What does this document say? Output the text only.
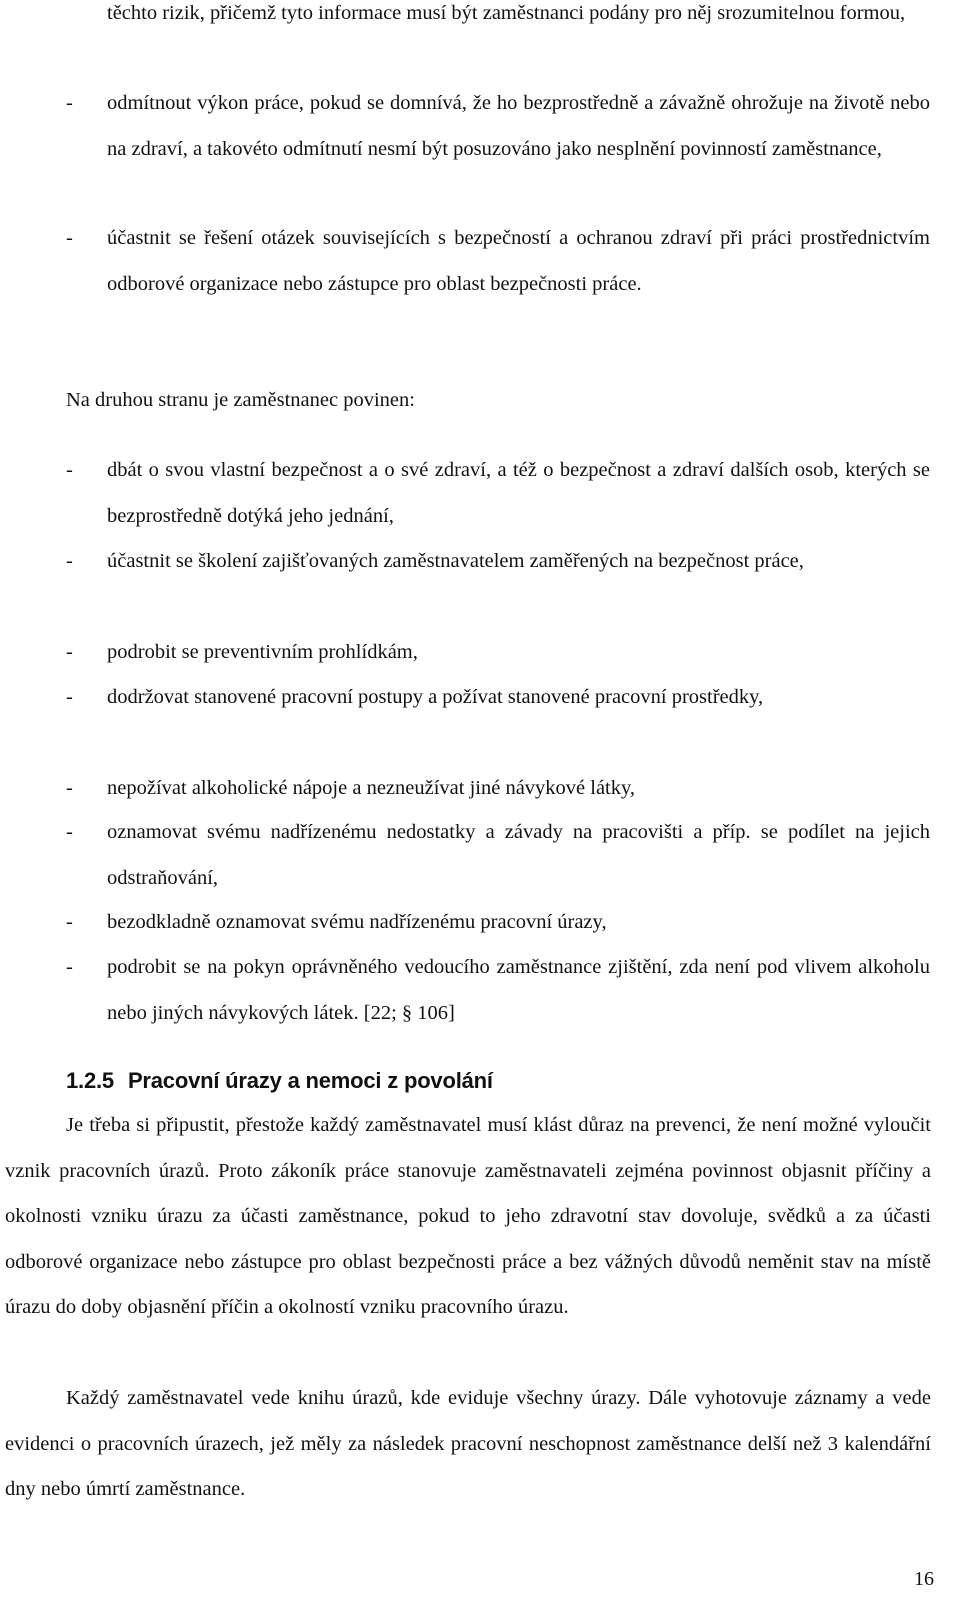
těchto rizik, přičemž tyto informace musí být zaměstnanci podány pro něj srozumitelnou formou,
- odmítnout výkon práce, pokud se domnívá, že ho bezprostředně a závažně ohrožuje na životě nebo na zdraví, a takovéto odmítnutí nesmí být posuzováno jako nesplnění povinností zaměstnance,
- účastnit se řešení otázek souvisejících s bezpečností a ochranou zdraví při práci prostřednictvím odborové organizace nebo zástupce pro oblast bezpečnosti práce.
Na druhou stranu je zaměstnanec povinen:
- dbát o svou vlastní bezpečnost a o své zdraví, a též o bezpečnost a zdraví dalších osob, kterých se bezprostředně dotýká jeho jednání,
- účastnit se školení zajišťovaných zaměstnavatelem zaměřených na bezpečnost práce,
- podrobit se preventivním prohlídkám,
- dodržovat stanovené pracovní postupy a požívat stanovené pracovní prostředky,
- nepožívat alkoholické nápoje a nezneužívat jiné návykové látky,
- oznamovat svému nadřízenému nedostatky a závady na pracovišti a příp. se podílet na jejich odstraňování,
- bezodkladně oznamovat svému nadřízenému pracovní úrazy,
- podrobit se na pokyn oprávněného vedoucího zaměstnance zjištění, zda není pod vlivem alkoholu nebo jiných návykových látek. [22; § 106]
1.2.5 Pracovní úrazy a nemoci z povolání
Je třeba si připustit, přestože každý zaměstnavatel musí klást důraz na prevenci, že není možné vyloučit vznik pracovních úrazů. Proto zákoník práce stanovuje zaměstnavateli zejména povinnost objasnit příčiny a okolnosti vzniku úrazu za účasti zaměstnance, pokud to jeho zdravotní stav dovoluje, svědků a za účasti odborové organizace nebo zástupce pro oblast bezpečnosti práce a bez vážných důvodů neměnit stav na místě úrazu do doby objasnění příčin a okolností vzniku pracovního úrazu.
Každý zaměstnavatel vede knihu úrazů, kde eviduje všechny úrazy. Dále vyhotovuje záznamy a vede evidenci o pracovních úrazech, jež měly za následek pracovní neschopnost zaměstnance delší než 3 kalendářní dny nebo úmrtí zaměstnance.
16
